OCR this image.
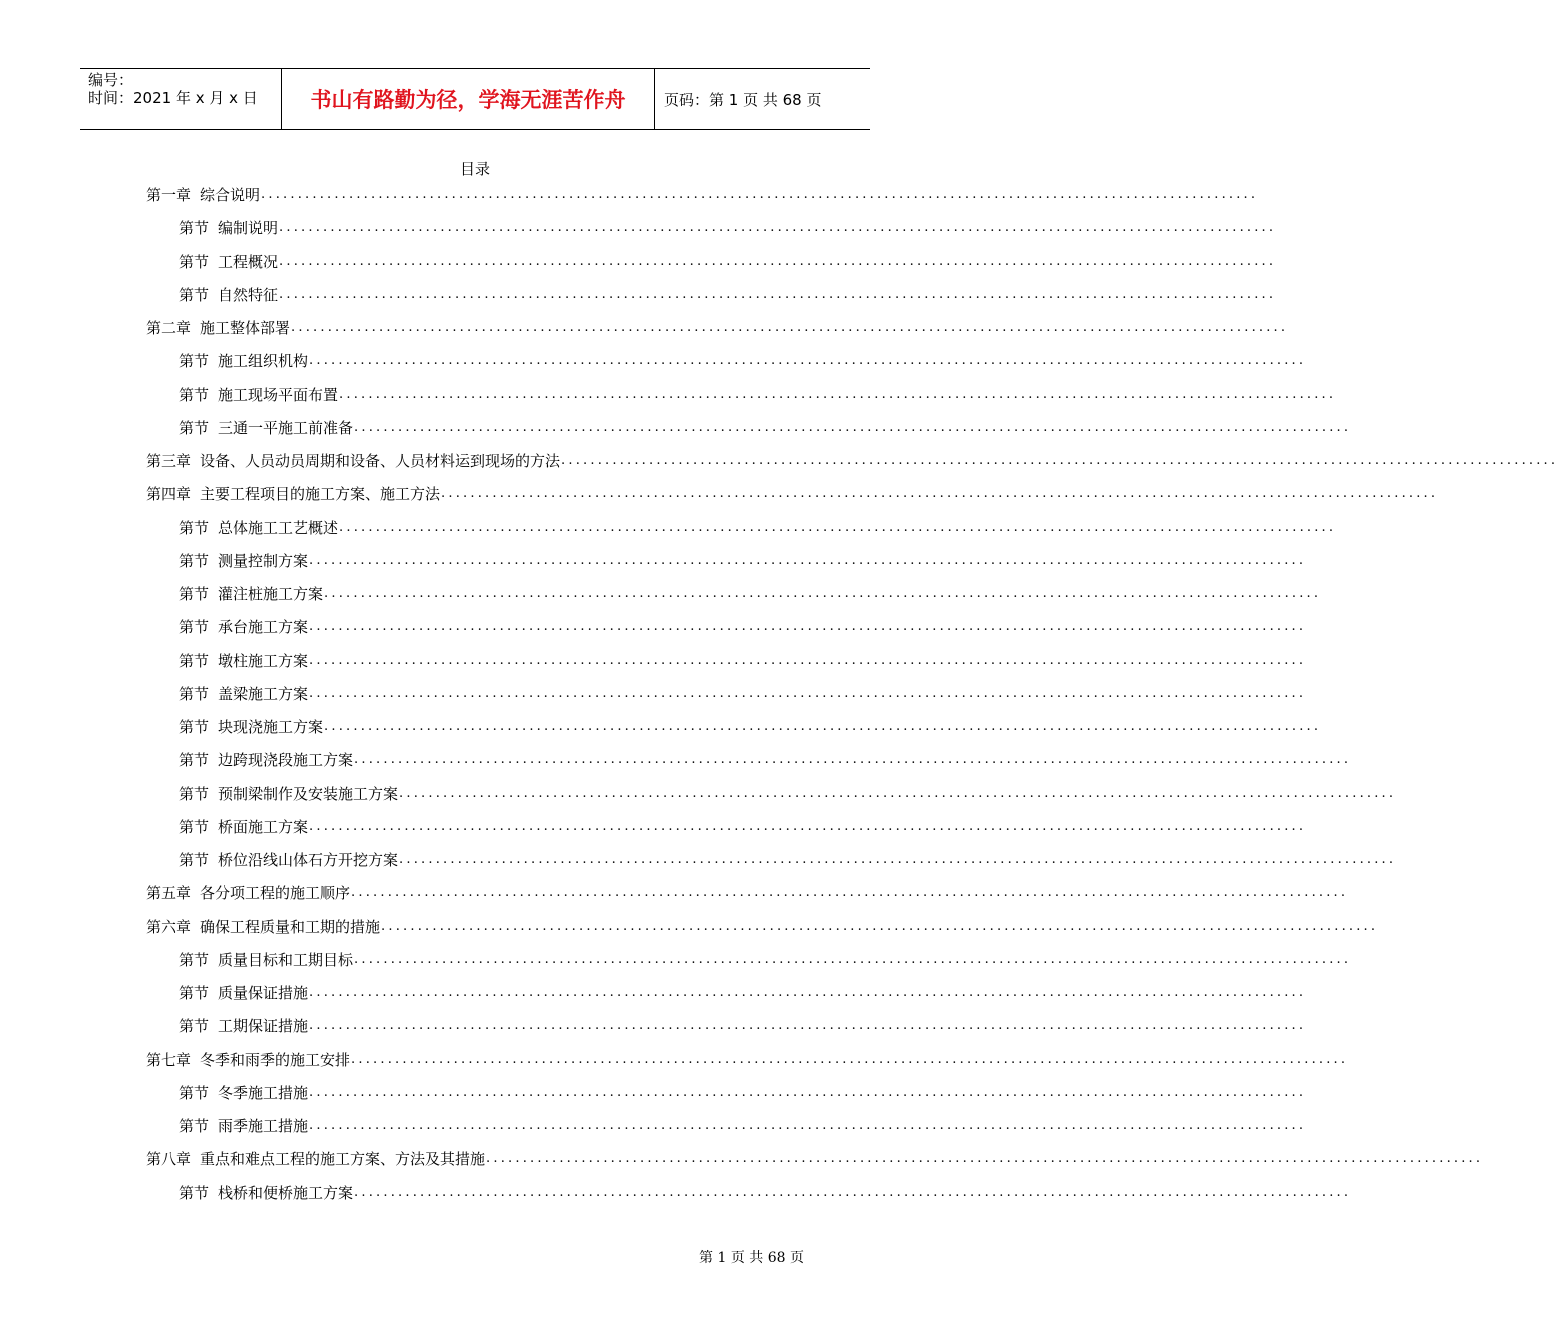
编号：
时间：2021 年 x 月 x 日	书山有路勤为径，学海无涯苦作舟	页码：第 1 页 共 68 页
目录
第一章 综合说明 ........................................................................................................................................
第节 编制说明 ........................................................................................................................................
第节 工程概况 ........................................................................................................................................
第节 自然特征 ........................................................................................................................................
第二章 施工整体部署 ........................................................................................................................................
第节 施工组织机构 ........................................................................................................................................
第节 施工现场平面布置 ........................................................................................................................................
第节 三通一平施工前准备 ........................................................................................................................................
第三章 设备、人员动员周期和设备、人员材料运到现场的方法 ........................................................................................................................................
第四章 主要工程项目的施工方案、施工方法 ........................................................................................................................................
第节 总体施工工艺概述 ........................................................................................................................................
第节 测量控制方案 ........................................................................................................................................
第节 灌注桩施工方案 ........................................................................................................................................
第节 承台施工方案 ........................................................................................................................................
第节 墩柱施工方案 ........................................................................................................................................
第节 盖梁施工方案 ........................................................................................................................................
第节 块现浇施工方案 ........................................................................................................................................
第节 边跨现浇段施工方案 ........................................................................................................................................
第节 预制梁制作及安装施工方案 ........................................................................................................................................
第节 桥面施工方案 ........................................................................................................................................
第节 桥位沿线山体石方开挖方案 ........................................................................................................................................
第五章 各分项工程的施工顺序 ........................................................................................................................................
第六章 确保工程质量和工期的措施 ........................................................................................................................................
第节 质量目标和工期目标 ........................................................................................................................................
第节 质量保证措施 ........................................................................................................................................
第节 工期保证措施 ........................................................................................................................................
第七章 冬季和雨季的施工安排 ........................................................................................................................................
第节 冬季施工措施 ........................................................................................................................................
第节 雨季施工措施 ........................................................................................................................................
第八章 重点和难点工程的施工方案、方法及其措施 ........................................................................................................................................
第节 栈桥和便桥施工方案 ........................................................................................................................................
第 1 页 共 68 页
